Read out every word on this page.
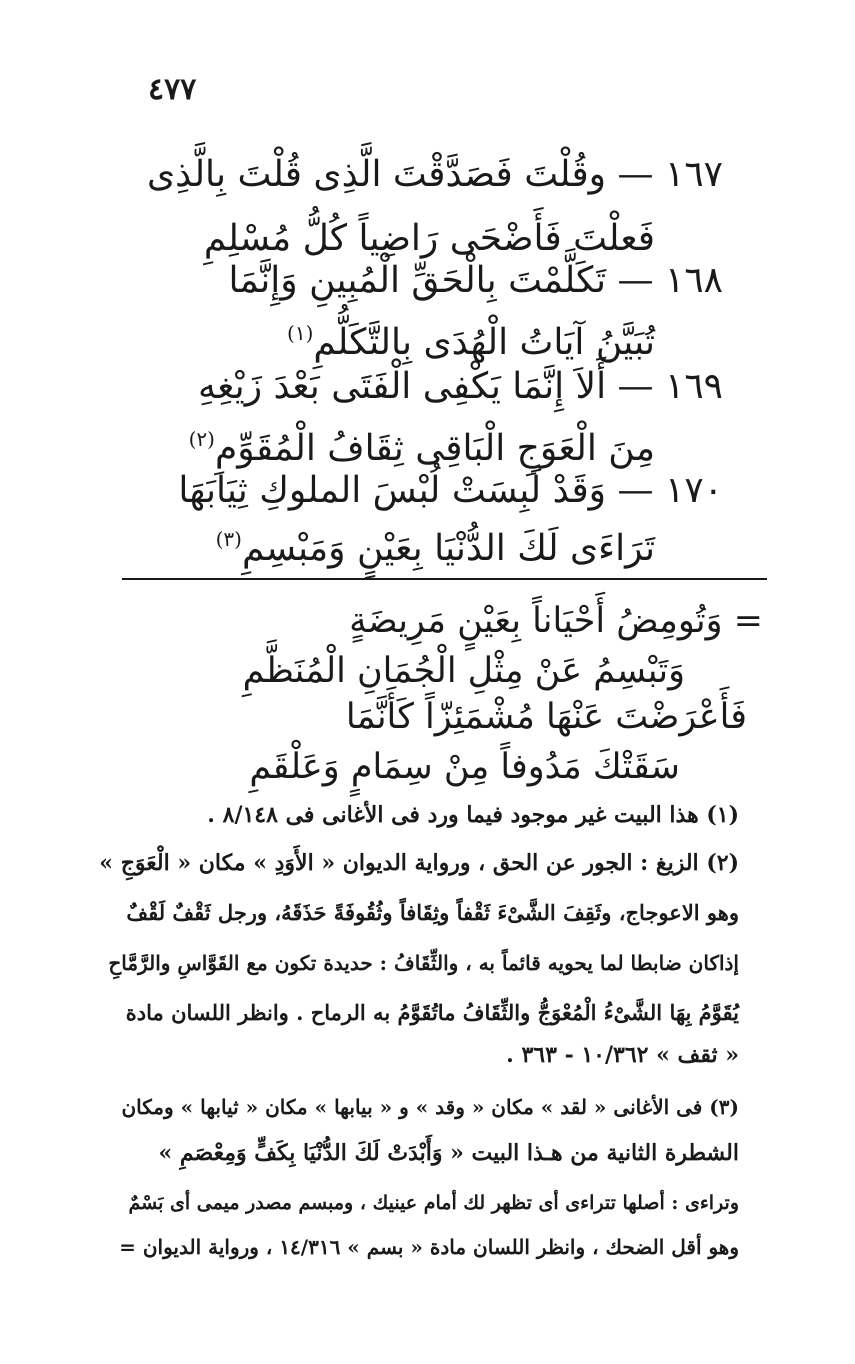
٤٧٧
١٦٧ — وقُلْتَ فَصَدَّقْتَ الَّذِى قُلْتَ بِالَّذِى
فَعلْتَ فَأَضْحَى رَاضِياً كُلُّ مُسْلِمِ
١٦٨ — تَكَلَّمْتَ بِالْحَقِّ الْمُبِينِ وَإِنَّمَا
تُبَيَّنُ آيَاتُ الْهُدَى بِالتَّكَلُّمِ$^{(١)}$
١٦٩ — أَلاَ إِنَّمَا يَكْفِى الْفَتَى بَعْدَ زَيْغِهِ
مِنَ الْعَوَجِ الْبَاقِى ثِقَافُ الْمُقَوِّمِ$^{(٢)}$
١٧٠ — وَقَدْ لَبِسَتْ لُبْسَ الملوكِ ثِيَابَهَا
تَرَاءَى لَكَ الدُّنْيَا بِعَيْنٍ وَمَبْسِمِ$^{(٣)}$
= وَتُومِضُ أَحْيَاناً بِعَيْنٍ مَرِيضَةٍ
وَتَبْسِمُ عَنْ مِثْلِ الْجُمَانِ الْمُنَظَّمِ
فَأَعْرَضْتَ عَنْهَا مُشْمَئِزّاً كَأَنَّمَا
سَقَتْكَ مَدُوفاً مِنْ سِمَامٍ وَعَلْقَمِ
(١) هذا البيت غير موجود فيما ورد فى الأغانى فى ٨/١٤٨ .
(٢) الزيغ : الجور عن الحق ، ورواية الديوان « الأَوَدِ » مكان « الْعَوَجِ »
وهو الاعوجاج، وثَقِفَ الشَّىْءَ ثَقْفاً وثِقَافاً وثُقُوفَةً حَذَقَهُ، ورجل ثَقْفٌ لَقْفٌ
إذاكان ضابطا لما يحويه قائماً به ، والثِّقَافُ : حديدة تكون مع القَوَّاسِ والرَّمَّاحِ
يُقَوَّمُ بِهَا الشَّىْءُ الْمُعْوَجُّ والثِّقَافُ ماتُقَوَّمُ به الرماح . وانظر اللسان مادة
« ثقف » ١٠/٣٦٢ - ٣٦٣ .
(٣) فى الأغانى « لقد » مكان « وقد » و « بيابها » مكان « ثيابها » ومكان
الشطرة الثانية من هـذا البيت « وَأَبْدَتْ لَكَ الدُّنْيَا بِكَفٍّ وَمِعْصَمِ »
وتراءى : أصلها تتراءى أى تظهر لك أمام عينيك ، ومبسم مصدر ميمى أى بَسْمٌ
وهو أقل الضحك ، وانظر اللسان مادة « بسم » ١٤/٣١٦ ، ورواية الديوان =
